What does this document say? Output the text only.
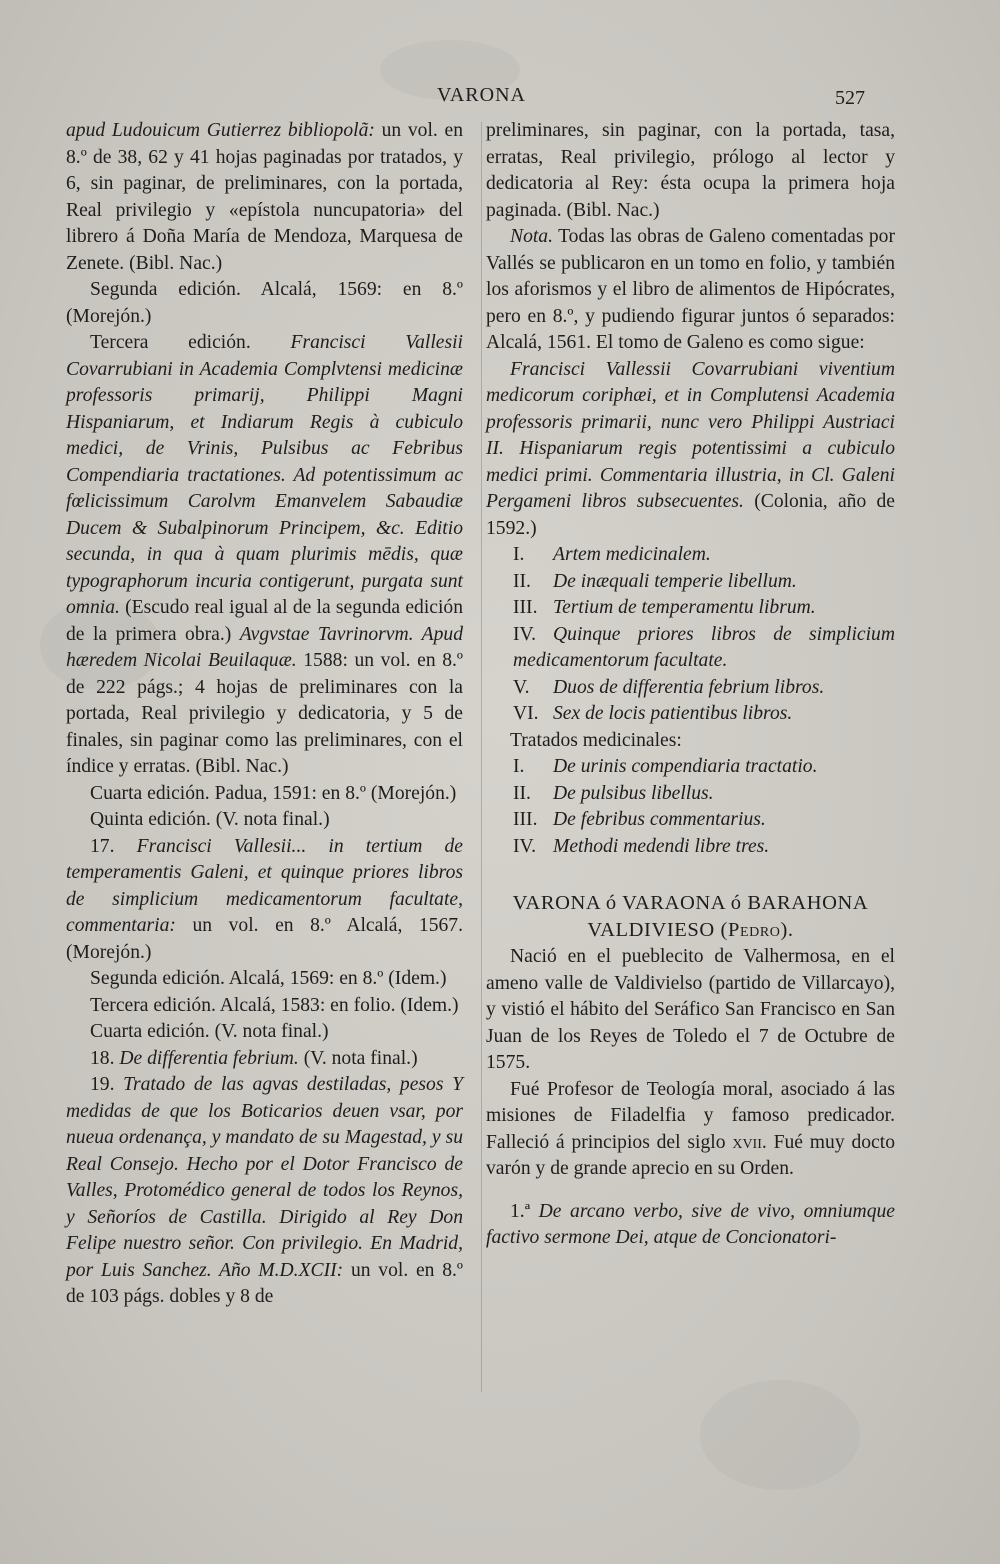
VARONA	527

apud Ludouicum Gutierrez bibliopolã: un vol. en 8.º de 38, 62 y 41 hojas paginadas por tratados, y 6, sin paginar, de preliminares, con la portada, Real privilegio y «epístola nuncupatoria» del librero á Doña María de Mendoza, Marquesa de Zenete. (Bibl. Nac.)

Segunda edición. Alcalá, 1569: en 8.º (Morejón.)

Tercera edición. Francisci Vallesii Covarrubiani in Academia Complvtensi medicinæ professoris primarij, Philippi Magni Hispaniarum, et Indiarum Regis à cubiculo medici, de Vrinis, Pulsibus ac Febribus Compendiaria tractationes. Ad potentissimum ac fœlicissimum Carolvm Emanvelem Sabaudiæ Ducem & Subalpinorum Principem, &c. Editio secunda, in qua à quam plurimis mēdis, quæ typographorum incuria contigerunt, purgata sunt omnia. (Escudo real igual al de la segunda edición de la primera obra.) Avgvstae Tavrinorvm. Apud hæredem Nicolai Beuilaquæ. 1588: un vol. en 8.º de 222 págs.; 4 hojas de preliminares con la portada, Real privilegio y dedicatoria, y 5 de finales, sin paginar como las preliminares, con el índice y erratas. (Bibl. Nac.)

Cuarta edición. Padua, 1591: en 8.º (Morejón.)

Quinta edición. (V. nota final.)

17. Francisci Vallesii... in tertium de temperamentis Galeni, et quinque priores libros de simplicium medicamentorum facultate, commentaria: un vol. en 8.º Alcalá, 1567. (Morejón.)

Segunda edición. Alcalá, 1569: en 8.º (Idem.)

Tercera edición. Alcalá, 1583: en folio. (Idem.)

Cuarta edición. (V. nota final.)

18. De differentia febrium. (V. nota final.)

19. Tratado de las agvas destiladas, pesos Y medidas de que los Boticarios deuen vsar, por nueua ordenança, y mandato de su Magestad, y su Real Consejo. Hecho por el Dotor Francisco de Valles, Protomédico general de todos los Reynos, y Señoríos de Castilla. Dirigido al Rey Don Felipe nuestro señor. Con privilegio. En Madrid, por Luis Sanchez. Año M.D.XCII: un vol. en 8.º de 103 págs. dobles y 8 de

preliminares, sin paginar, con la portada, tasa, erratas, Real privilegio, prólogo al lector y dedicatoria al Rey: ésta ocupa la primera hoja paginada. (Bibl. Nac.)

Nota. Todas las obras de Galeno comentadas por Vallés se publicaron en un tomo en folio, y también los aforismos y el libro de alimentos de Hipócrates, pero en 8.º, y pudiendo figurar juntos ó separados: Alcalá, 1561. El tomo de Galeno es como sigue:

Francisci Vallessii Covarrubiani viventium medicorum coriphæi, et in Complutensi Academia professoris primarii, nunc vero Philippi Austriaci II. Hispaniarum regis potentissimi a cubiculo medici primi. Commentaria illustria, in Cl. Galeni Pergameni libros subsecuentes. (Colonia, año de 1592.)

I. Artem medicinalem.

II. De inæquali temperie libellum.

III. Tertium de temperamentu librum.

IV. Quinque priores libros de simplicium medicamentorum facultate.

V. Duos de differentia febrium libros.

VI. Sex de locis patientibus libros.

Tratados medicinales:

I. De urinis compendiaria tractatio.

II. De pulsibus libellus.

III. De febribus commentarius.

IV. Methodi medendi libre tres.

VARONA ó VARAONA ó BARAHONA VALDIVIESO (Pedro).

Nació en el pueblecito de Valhermosa, en el ameno valle de Valdivielso (partido de Villarcayo), y vistió el hábito del Seráfico San Francisco en San Juan de los Reyes de Toledo el 7 de Octubre de 1575.

Fué Profesor de Teología moral, asociado á las misiones de Filadelfia y famoso predicador. Falleció á principios del siglo xvii. Fué muy docto varón y de grande aprecio en su Orden.

1.ª De arcano verbo, sive de vivo, omniumque factivo sermone Dei, atque de Concionatori-
